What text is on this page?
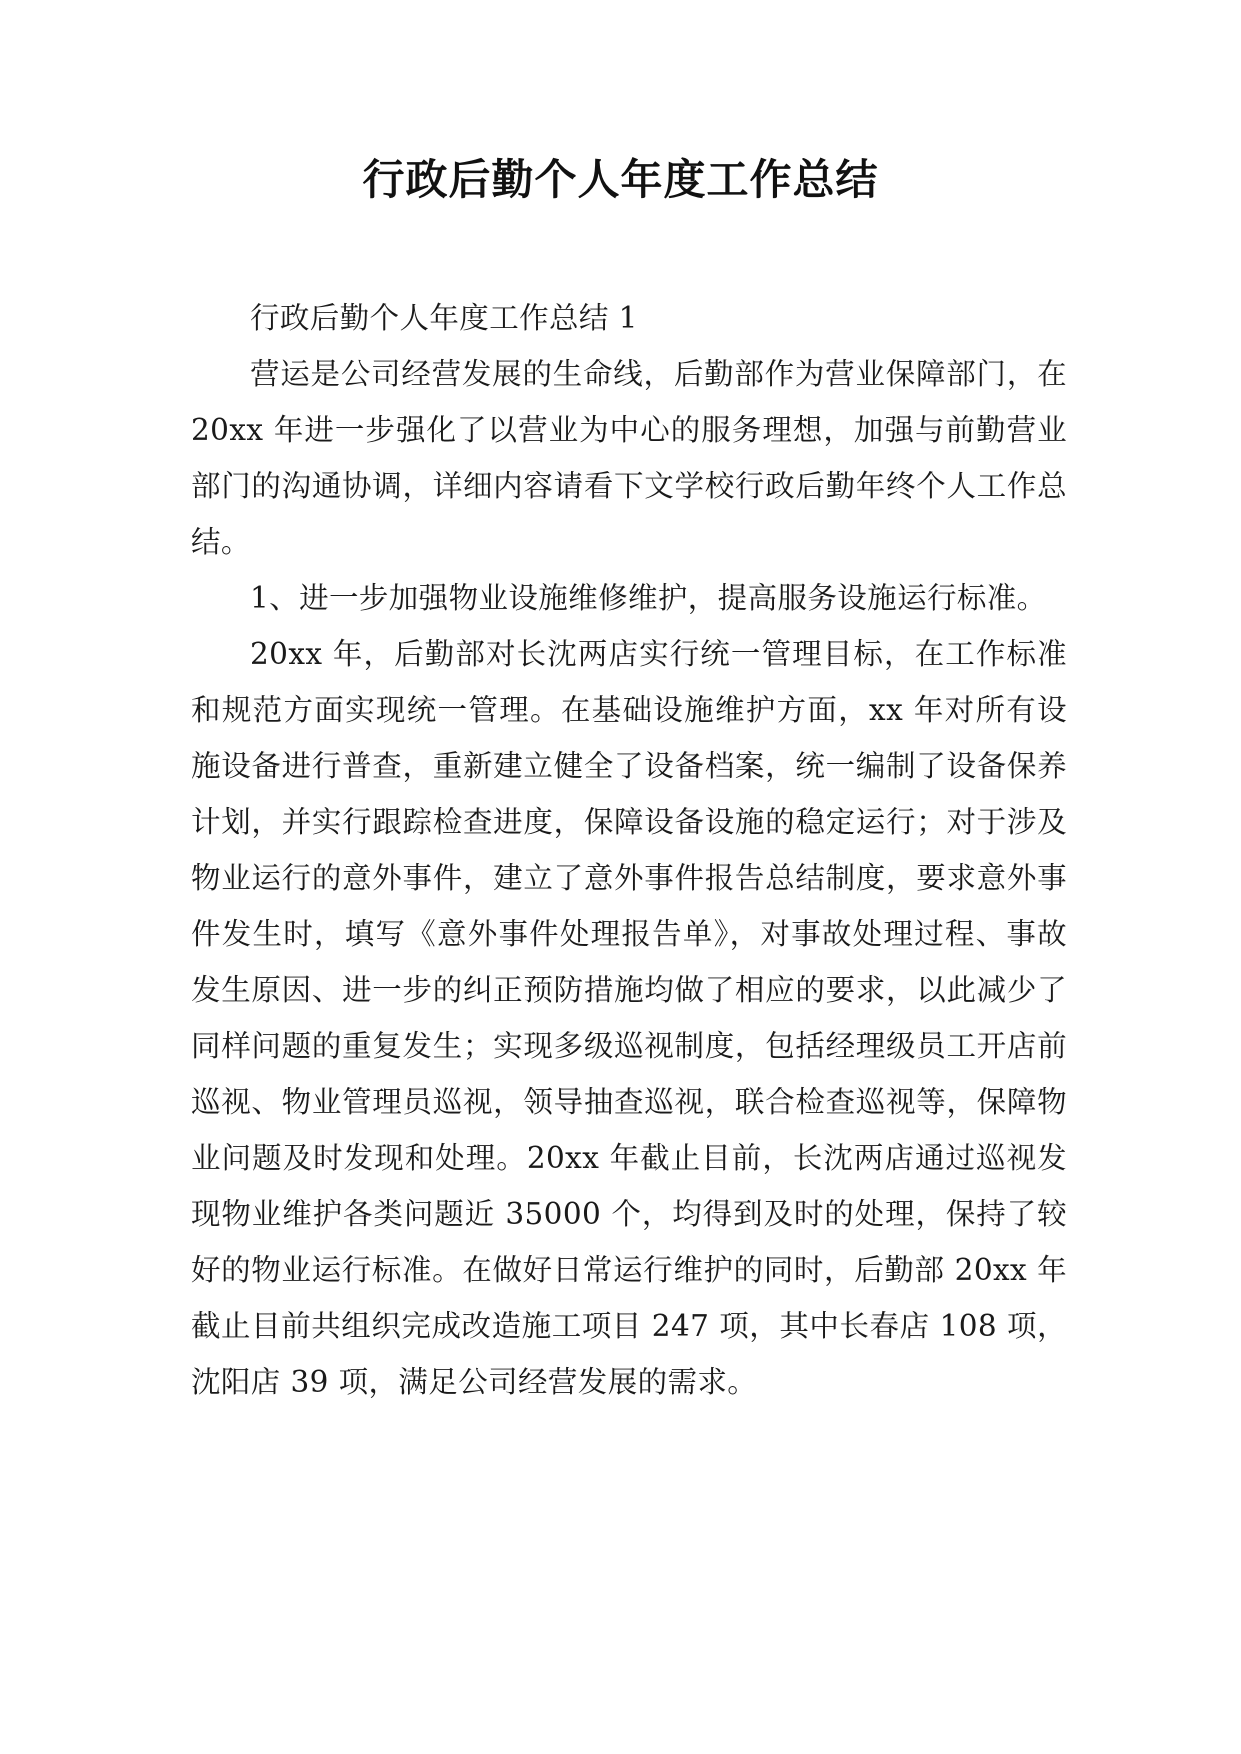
行政后勤个人年度工作总结

行政后勤个人年度工作总结 1

营运是公司经营发展的生命线，后勤部作为营业保障部门，在 20xx 年进一步强化了以营业为中心的服务理想，加强与前勤营业部门的沟通协调，详细内容请看下文学校行政后勤年终个人工作总结。

1、进一步加强物业设施维修维护，提高服务设施运行标准。

20xx 年，后勤部对长沈两店实行统一管理目标，在工作标准和规范方面实现统一管理。在基础设施维护方面，xx 年对所有设施设备进行普查，重新建立健全了设备档案，统一编制了设备保养计划，并实行跟踪检查进度，保障设备设施的稳定运行；对于涉及物业运行的意外事件，建立了意外事件报告总结制度，要求意外事件发生时，填写《意外事件处理报告单》，对事故处理过程、事故发生原因、进一步的纠正预防措施均做了相应的要求，以此减少了同样问题的重复发生；实现多级巡视制度，包括经理级员工开店前巡视、物业管理员巡视，领导抽查巡视，联合检查巡视等，保障物业问题及时发现和处理。20xx 年截止目前，长沈两店通过巡视发现物业维护各类问题近 35000 个，均得到及时的处理，保持了较好的物业运行标准。在做好日常运行维护的同时，后勤部 20xx 年截止目前共组织完成改造施工项目 247 项，其中长春店 108 项，沈阳店 39 项，满足公司经营发展的需求。
